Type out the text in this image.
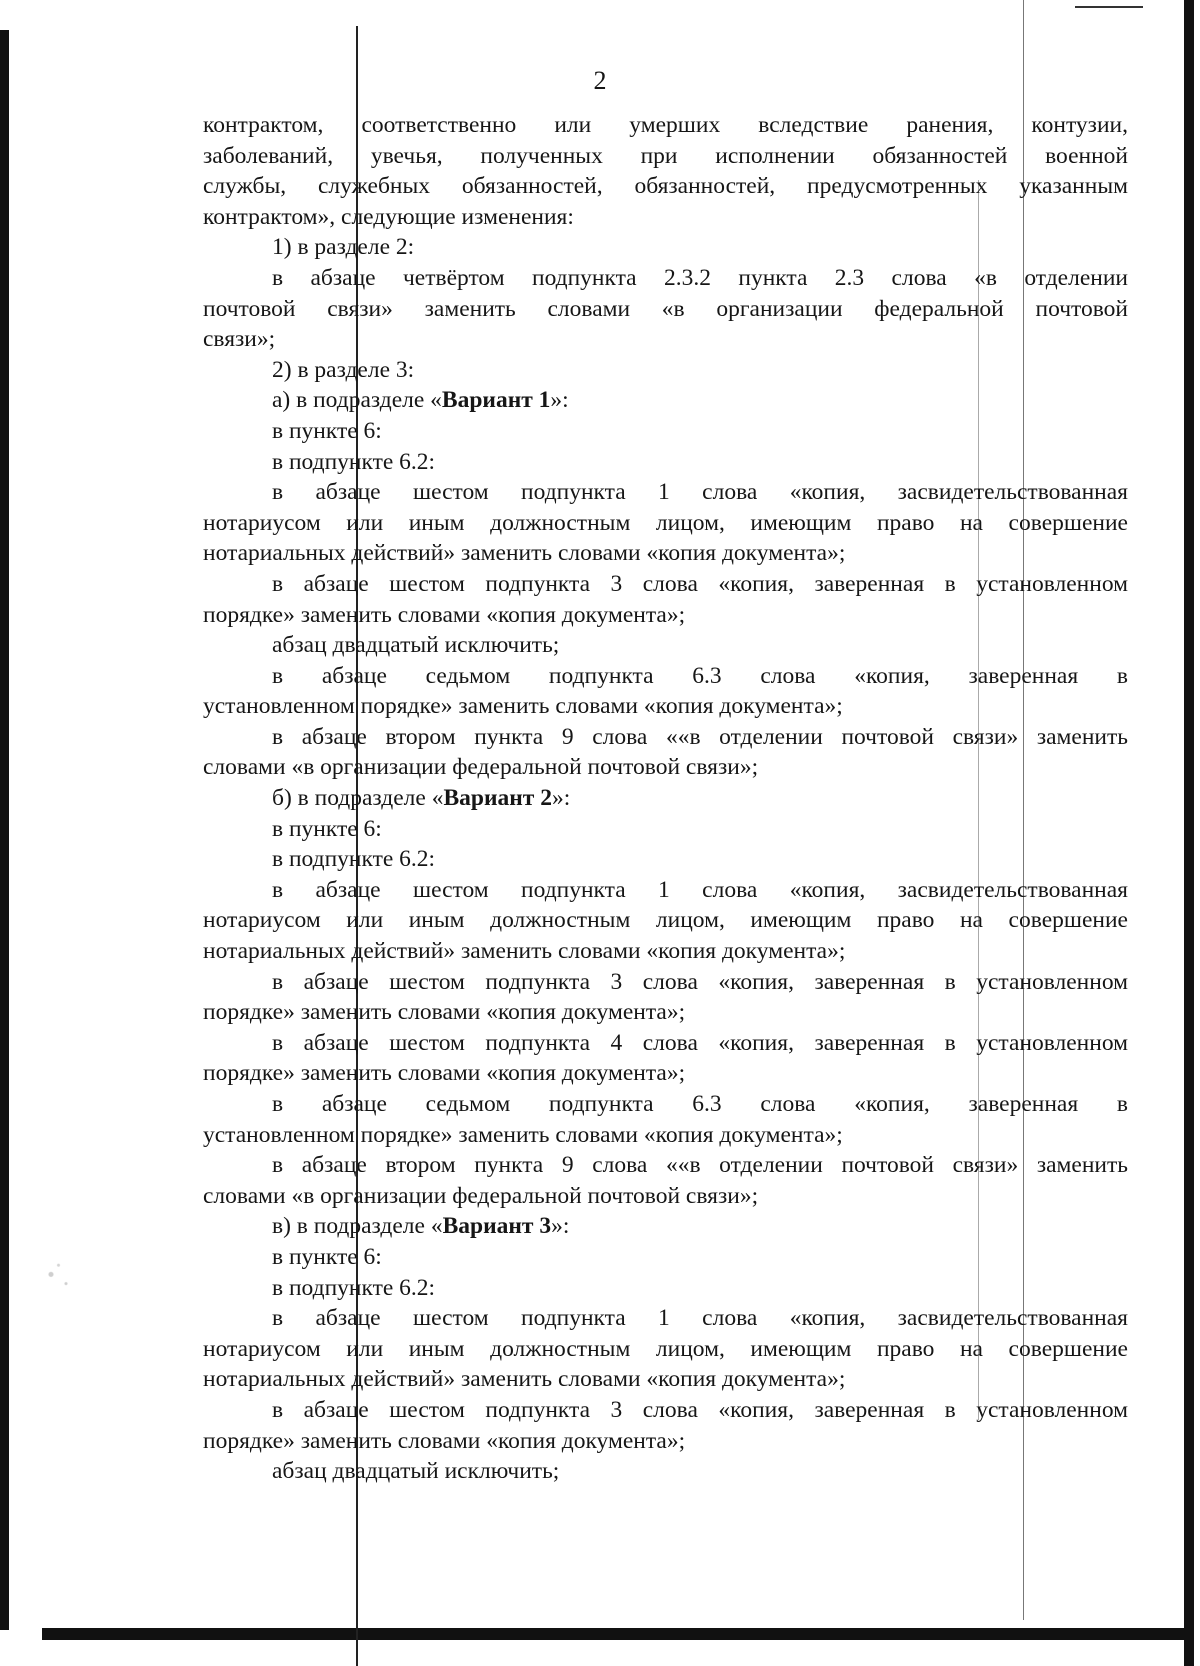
2
контрактом, соответственно или умерших вследствие ранения, контузии,
заболеваний, увечья, полученных при исполнении обязанностей военной
службы, служебных обязанностей, обязанностей, предусмотренных указанным
контрактом», следующие изменения:
1) в разделе 2:
в абзаце четвёртом подпункта 2.3.2 пункта 2.3 слова «в отделении
почтовой связи» заменить словами «в организации федеральной почтовой
связи»;
2) в разделе 3:
а) в подразделе «Вариант 1»:
в пункте 6:
в подпункте 6.2:
в абзаце шестом подпункта 1 слова «копия, засвидетельствованная
нотариусом или иным должностным лицом, имеющим право на совершение
нотариальных действий» заменить словами «копия документа»;
в абзаце шестом подпункта 3 слова «копия, заверенная в установленном
порядке» заменить словами «копия документа»;
абзац двадцатый исключить;
в абзаце седьмом подпункта 6.3 слова «копия, заверенная в
установленном порядке» заменить словами «копия документа»;
в абзаце втором пункта 9 слова ««в отделении почтовой связи» заменить
словами «в организации федеральной почтовой связи»;
б) в подразделе «Вариант 2»:
в пункте 6:
в подпункте 6.2:
в абзаце шестом подпункта 1 слова «копия, засвидетельствованная
нотариусом или иным должностным лицом, имеющим право на совершение
нотариальных действий» заменить словами «копия документа»;
в абзаце шестом подпункта 3 слова «копия, заверенная в установленном
порядке» заменить словами «копия документа»;
в абзаце шестом подпункта 4 слова «копия, заверенная в установленном
порядке» заменить словами «копия документа»;
в абзаце седьмом подпункта 6.3 слова «копия, заверенная в
установленном порядке» заменить словами «копия документа»;
в абзаце втором пункта 9 слова ««в отделении почтовой связи» заменить
словами «в организации федеральной почтовой связи»;
в) в подразделе «Вариант 3»:
в пункте 6:
в подпункте 6.2:
в абзаце шестом подпункта 1 слова «копия, засвидетельствованная
нотариусом или иным должностным лицом, имеющим право на совершение
нотариальных действий» заменить словами «копия документа»;
в абзаце шестом подпункта 3 слова «копия, заверенная в установленном
порядке» заменить словами «копия документа»;
абзац двадцатый исключить;
